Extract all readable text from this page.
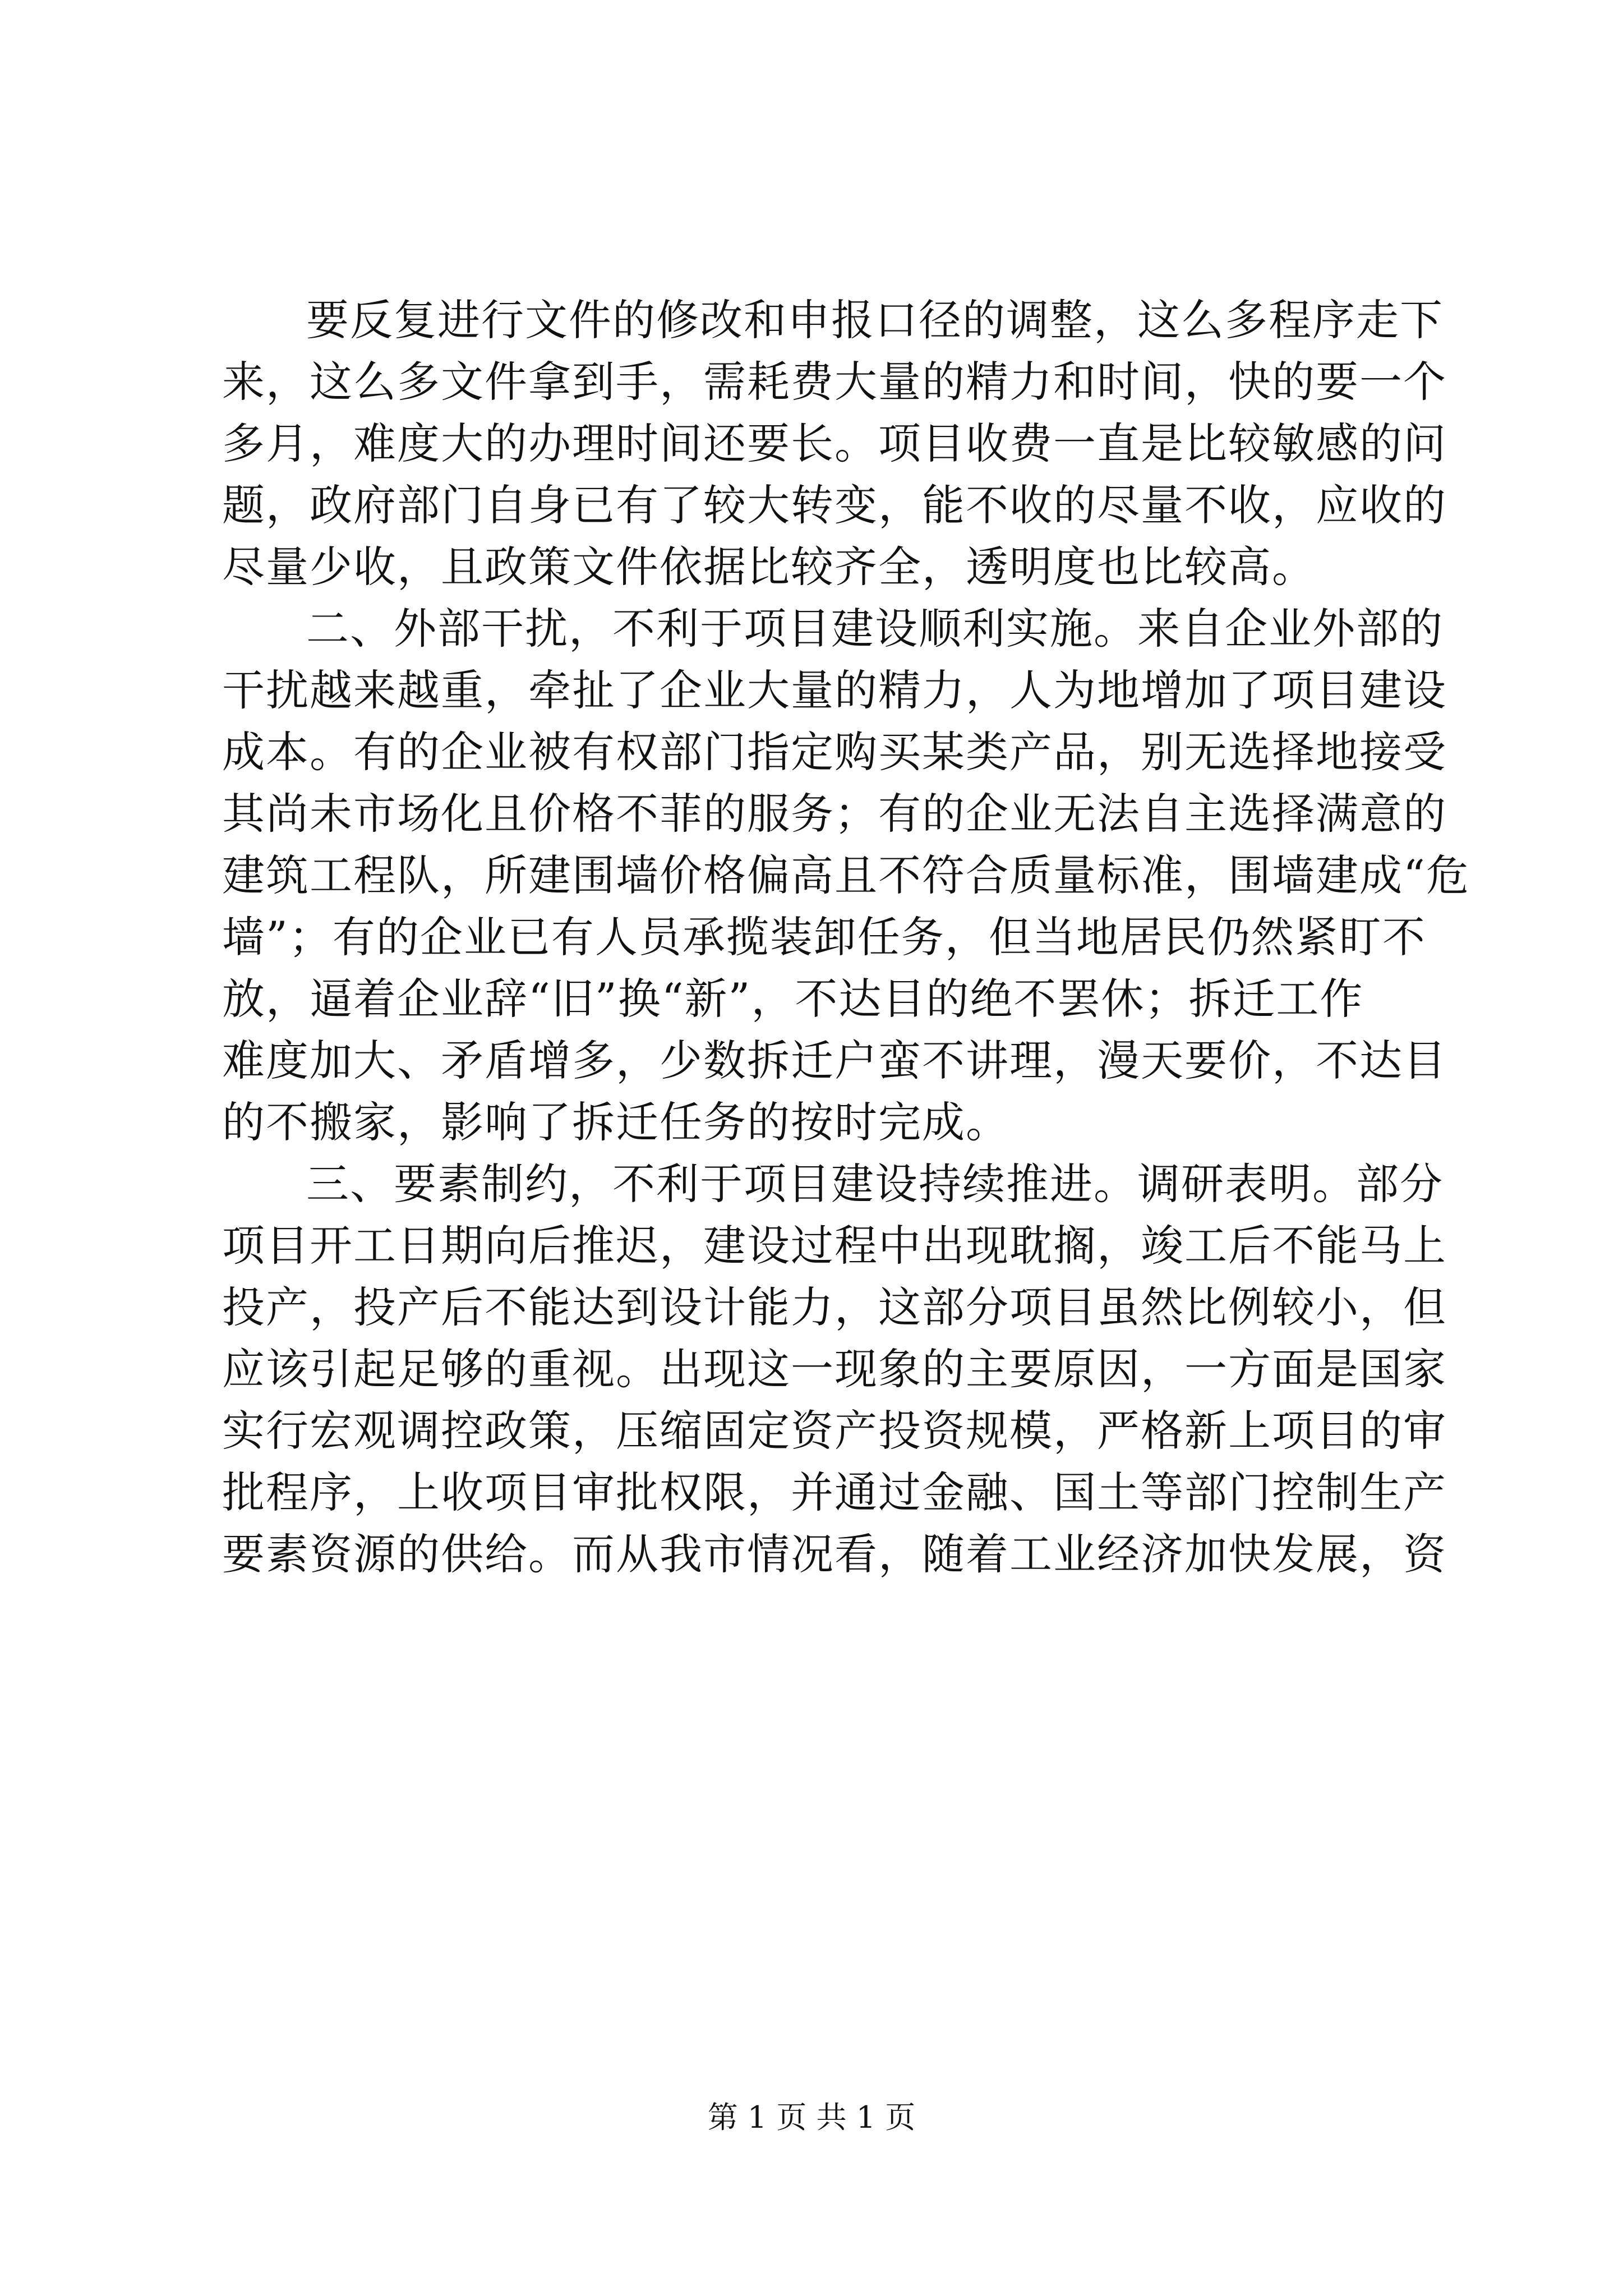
要反复进行文件的修改和申报口径的调整，这么多程序走下
来，这么多文件拿到手，需耗费大量的精力和时间，快的要一个
多月，难度大的办理时间还要长。项目收费一直是比较敏感的问
题，政府部门自身已有了较大转变，能不收的尽量不收，应收的
尽量少收，且政策文件依据比较齐全，透明度也比较高。
二、外部干扰，不利于项目建设顺利实施。来自企业外部的
干扰越来越重，牵扯了企业大量的精力，人为地增加了项目建设
成本。有的企业被有权部门指定购买某类产品，别无选择地接受
其尚未市场化且价格不菲的服务；有的企业无法自主选择满意的
建筑工程队，所建围墙价格偏高且不符合质量标准，围墙建成“危
墙”；有的企业已有人员承揽装卸任务，但当地居民仍然紧盯不
放，逼着企业辞“旧”换“新”，不达目的绝不罢休；拆迁工作
难度加大、矛盾增多，少数拆迁户蛮不讲理，漫天要价，不达目
的不搬家，影响了拆迁任务的按时完成。
三、要素制约，不利于项目建设持续推进。调研表明。部分
项目开工日期向后推迟，建设过程中出现耽搁，竣工后不能马上
投产，投产后不能达到设计能力，这部分项目虽然比例较小，但
应该引起足够的重视。出现这一现象的主要原因，一方面是国家
实行宏观调控政策，压缩固定资产投资规模，严格新上项目的审
批程序，上收项目审批权限，并通过金融、国土等部门控制生产
要素资源的供给。而从我市情况看，随着工业经济加快发展，资
第 1 页 共 1 页
